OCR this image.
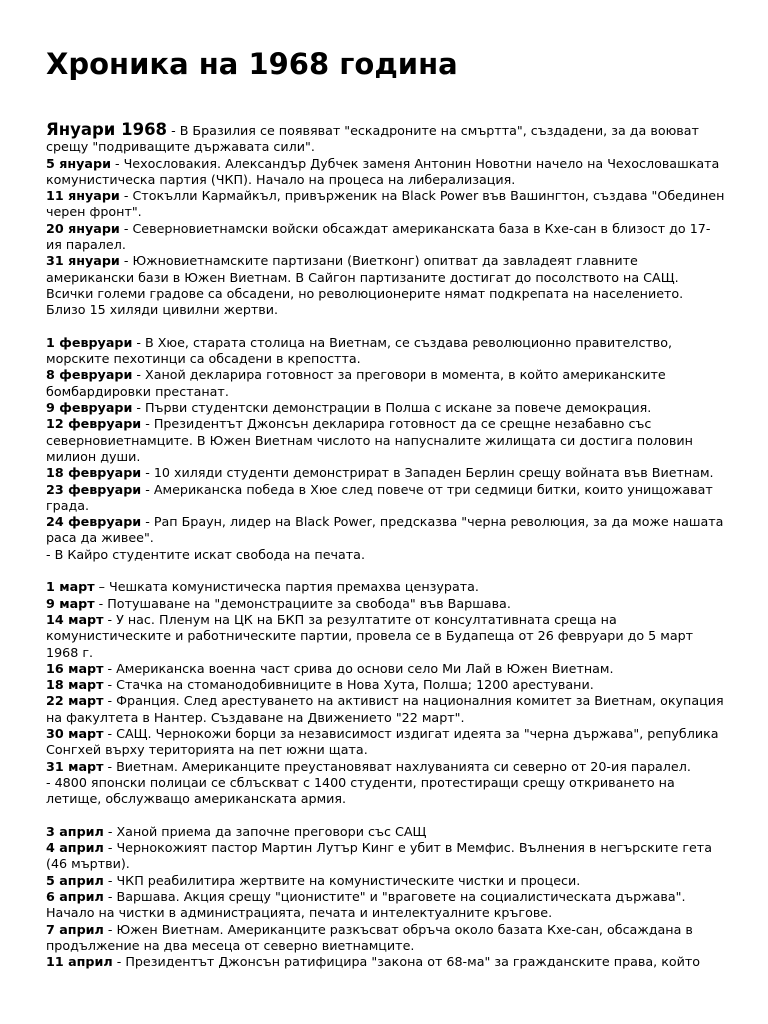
Хроника на 1968 година
Януари 1968 - В Бразилия се появяват "ескадроните на смъртта", създадени, за да воюват срещу "подриващите държавата сили".
5 януари - Чехословакия. Александър Дубчек заменя Антонин Новотни начело на Чехословашката комунистическа партия (ЧКП). Начало на процеса на либерализация.
11 януари - Стокълли Кармайкъл, привърженик на Black Power във Вашингтон, създава "Обединен черен фронт".
20 януари - Северновиетнамски войски обсаждат американската база в Кхе-сан в близост до 17-ия паралел.
31 януари - Южновиетнамските партизани (Виетконг) опитват да завладеят главните американски бази в Южен Виетнам. В Сайгон партизаните достигат до посолството на САЩ. Всички големи градове са обсадени, но революционерите нямат подкрепата на населението. Близо 15 хиляди цивилни жертви.
1 февруари - В Хюе, старата столица на Виетнам, се създава революционно правителство, морските пехотинци са обсадени в крепостта.
8 февруари - Ханой декларира готовност за преговори в момента, в който американските бомбардировки престанат.
9 февруари - Първи студентски демонстрации в Полша с искане за повече демокрация.
12 февруари - Президентът Джонсън декларира готовност да се срещне незабавно със северновиетнамците. В Южен Виетнам числото на напусналите жилищата си достига половин милион души.
18 февруари - 10 хиляди студенти демонстрират в Западен Берлин срещу войната във Виетнам.
23 февруари - Американска победа в Хюе след повече от три седмици битки, които унищожават града.
24 февруари - Рап Браун, лидер на Black Power, предсказва "черна революция, за да може нашата раса да живее".
- В Кайро студентите искат свобода на печата.
1 март – Чешката комунистическа партия премахва цензурата.
9 март - Потушаване на "демонстрациите за свобода" във Варшава.
14 март - У нас. Пленум на ЦК на БКП за резултатите от консултативната среща на комунистическите и работническите партии, провела се в Будапеща от 26 февруари до 5 март 1968 г.
16 март - Американска военна част срива до основи село Ми Лай в Южен Виетнам.
18 март - Стачка на стоманодобивниците в Нова Хута, Полша; 1200 арестувани.
22 март - Франция. След арестуването на активист на националния комитет за Виетнам, окупация на факултета в Нантер. Създаване на Движението "22 март".
30 март - САЩ. Чернокожи борци за независимост издигат идеята за "черна държава", република Сонгхей върху територията на пет южни щата.
31 март - Виетнам. Американците преустановяват нахлуванията си северно от 20-ия паралел.
- 4800 японски полицаи се сблъскват с 1400 студенти, протестиращи срещу откриването на летище, обслужващо американската армия.
3 април - Ханой приема да започне преговори със САЩ
4 април - Чернокожият пастор Мартин Лутър Кинг е убит в Мемфис. Вълнения в негърските гета (46 мъртви).
5 април - ЧКП реабилитира жертвите на комунистическите чистки и процеси.
6 април - Варшава. Акция срещу "ционистите" и "враговете на социалистическата държава". Начало на чистки в администрацията, печата и интелектуалните кръгове.
7 април - Южен Виетнам. Американците разкъсват обръча около базата Кхе-сан, обсаждана в продължение на два месеца от северно виетнамците.
11 април - Президентът Джонсън ратифицира "закона от 68-ма" за гражданските права, който
